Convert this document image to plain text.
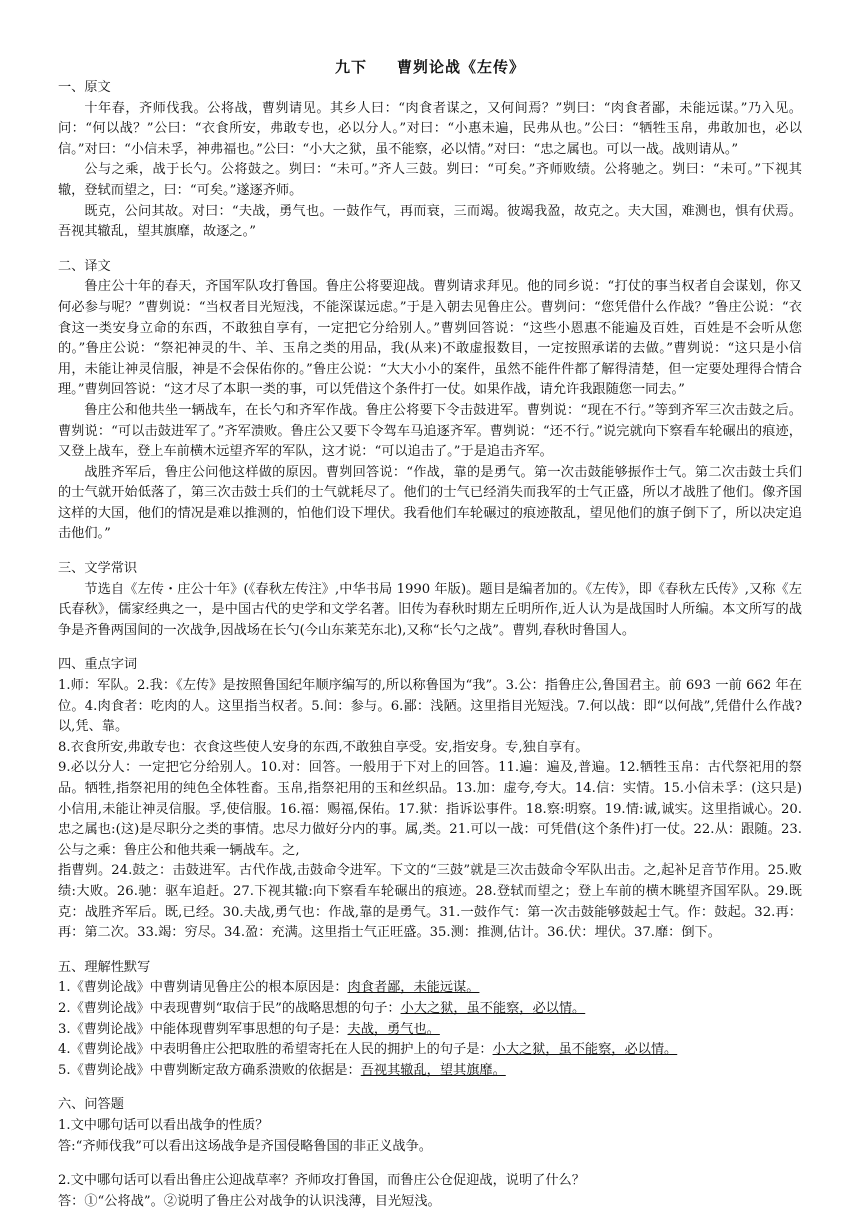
九下 曹刿论战《左传》

一、原文

十年春，齐师伐我。公将战，曹刿请见。其乡人曰：“肉食者谋之，又何间焉？”刿曰：“肉食者鄙，未能远谋。”乃入见。问：“何以战？”公曰：“衣食所安，弗敢专也，必以分人。”对曰：“小惠未遍，民弗从也。”公曰：“牺牲玉帛，弗敢加也，必以信。”对曰：“小信未孚，神弗福也。”公曰：“小大之狱，虽不能察，必以情。”对曰：“忠之属也。可以一战。战则请从。”

公与之乘，战于长勺。公将鼓之。刿曰：“未可。”齐人三鼓。刿曰：“可矣。”齐师败绩。公将驰之。刿曰：“未可。”下视其辙，登轼而望之，曰：“可矣。”遂逐齐师。

既克，公问其故。对曰：“夫战，勇气也。一鼓作气，再而衰，三而竭。彼竭我盈，故克之。夫大国，难测也，惧有伏焉。吾视其辙乱，望其旗靡，故逐之。”

二、译文

鲁庄公十年的春天，齐国军队攻打鲁国。鲁庄公将要迎战。曹刿请求拜见。他的同乡说：“打仗的事当权者自会谋划，你又何必参与呢？”曹刿说：“当权者目光短浅，不能深谋远虑。”于是入朝去见鲁庄公。曹刿问：“您凭借什么作战？”鲁庄公说：“衣食这一类安身立命的东西，不敢独自享有，一定把它分给别人。”曹刿回答说：“这些小恩惠不能遍及百姓，百姓是不会听从您的。”鲁庄公说：“祭祀神灵的牛、羊、玉帛之类的用品，我(从来)不敢虚报数目，一定按照承诺的去做。”曹刿说：“这只是小信用，未能让神灵信服，神是不会保佑你的。”鲁庄公说：“大大小小的案件，虽然不能件件都了解得清楚，但一定要处理得合情合理。”曹刿回答说：“这才尽了本职一类的事，可以凭借这个条件打一仗。如果作战，请允许我跟随您一同去。”

鲁庄公和他共坐一辆战车，在长勺和齐军作战。鲁庄公将要下令击鼓进军。曹刿说：“现在不行。”等到齐军三次击鼓之后。曹刿说：“可以击鼓进军了。”齐军溃败。鲁庄公又要下令驾车马追逐齐军。曹刿说：“还不行。”说完就向下察看车轮碾出的痕迹，又登上战车，登上车前横木远望齐军的军队，这才说：“可以追击了。”于是追击齐军。

战胜齐军后，鲁庄公问他这样做的原因。曹刿回答说：“作战，靠的是勇气。第一次击鼓能够振作士气。第二次击鼓士兵们的士气就开始低落了，第三次击鼓士兵们的士气就耗尽了。他们的士气已经消失而我军的士气正盛，所以才战胜了他们。像齐国这样的大国，他们的情况是难以推测的，怕他们设下埋伏。我看他们车轮碾过的痕迹散乱，望见他们的旗子倒下了，所以决定追击他们。”

三、文学常识

节选自《左传・庄公十年》(《春秋左传注》,中华书局 1990 年版)。题目是编者加的。《左传》，即《春秋左氏传》,又称《左氏春秋》，儒家经典之一，是中国古代的史学和文学名著。旧传为春秋时期左丘明所作,近人认为是战国时人所编。本文所写的战争是齐鲁两国间的一次战争,因战场在长勺(今山东莱芜东北),又称“长勺之战”。曹刿,春秋时鲁国人。

四、重点字词

1.师：军队。2.我：《左传》是按照鲁国纪年顺序编写的,所以称鲁国为“我”。3.公：指鲁庄公,鲁国君主。前 693 一前 662 年在位。4.肉食者：吃肉的人。这里指当权者。5.间：参与。6.鄙：浅陋。这里指目光短浅。7.何以战：即“以何战”,凭借什么作战?以,凭、靠。

8.衣食所安,弗敢专也：衣食这些使人安身的东西,不敢独自享受。安,指安身。专,独自享有。

9.必以分人：一定把它分给别人。10.对：回答。一般用于下对上的回答。11.遍：遍及,普遍。12.牺牲玉帛：古代祭祀用的祭品。牺牲,指祭祀用的纯色全体牲畜。玉帛,指祭祀用的玉和丝织品。13.加：虚夸,夸大。14.信：实情。15.小信未孚：(这只是)小信用,未能让神灵信服。孚,使信服。16.福：赐福,保佑。17.狱：指诉讼事件。18.察:明察。19.情:诚,诚实。这里指诚心。20.忠之属也:(这)是尽职分之类的事情。忠尽力做好分内的事。属,类。21.可以一战：可凭借(这个条件)打一仗。22.从：跟随。23.公与之乘：鲁庄公和他共乘一辆战车。之,

指曹刿。24.鼓之：击鼓进军。古代作战,击鼓命令进军。下文的“三鼓”就是三次击鼓命令军队出击。之,起补足音节作用。25.败绩:大败。26.驰：驱车追赶。27.下视其辙:向下察看车轮碾出的痕迹。28.登轼而望之；登上车前的横木眺望齐国军队。29.既克：战胜齐军后。既,已经。30.夫战,勇气也：作战,靠的是勇气。31.一鼓作气：第一次击鼓能够鼓起士气。作：鼓起。32.再：再：第二次。33.竭：穷尽。34.盈：充满。这里指士气正旺盛。35.测：推测,估计。36.伏：埋伏。37.靡：倒下。

五、理解性默写

1.《曹刿论战》中曹刿请见鲁庄公的根本原因是：肉食者鄙，未能远谋。

2.《曹刿论战》中表现曹刿“取信于民”的战略思想的句子：小大之狱，虽不能察，必以情。

3.《曹刿论战》中能体现曹刿军事思想的句子是：夫战，勇气也。

4.《曹刿论战》中表明鲁庄公把取胜的希望寄托在人民的拥护上的句子是：小大之狱，虽不能察，必以情。

5.《曹刿论战》中曹刿断定敌方确系溃败的依据是：吾视其辙乱，望其旗靡。

六、问答题

1.文中哪句话可以看出战争的性质？

答:“齐师伐我”可以看出这场战争是齐国侵略鲁国的非正义战争。

2.文中哪句话可以看出鲁庄公迎战草率？齐师攻打鲁国，而鲁庄公仓促迎战，说明了什么？

答：①“公将战”。②说明了鲁庄公对战争的认识浅薄，目光短浅。
